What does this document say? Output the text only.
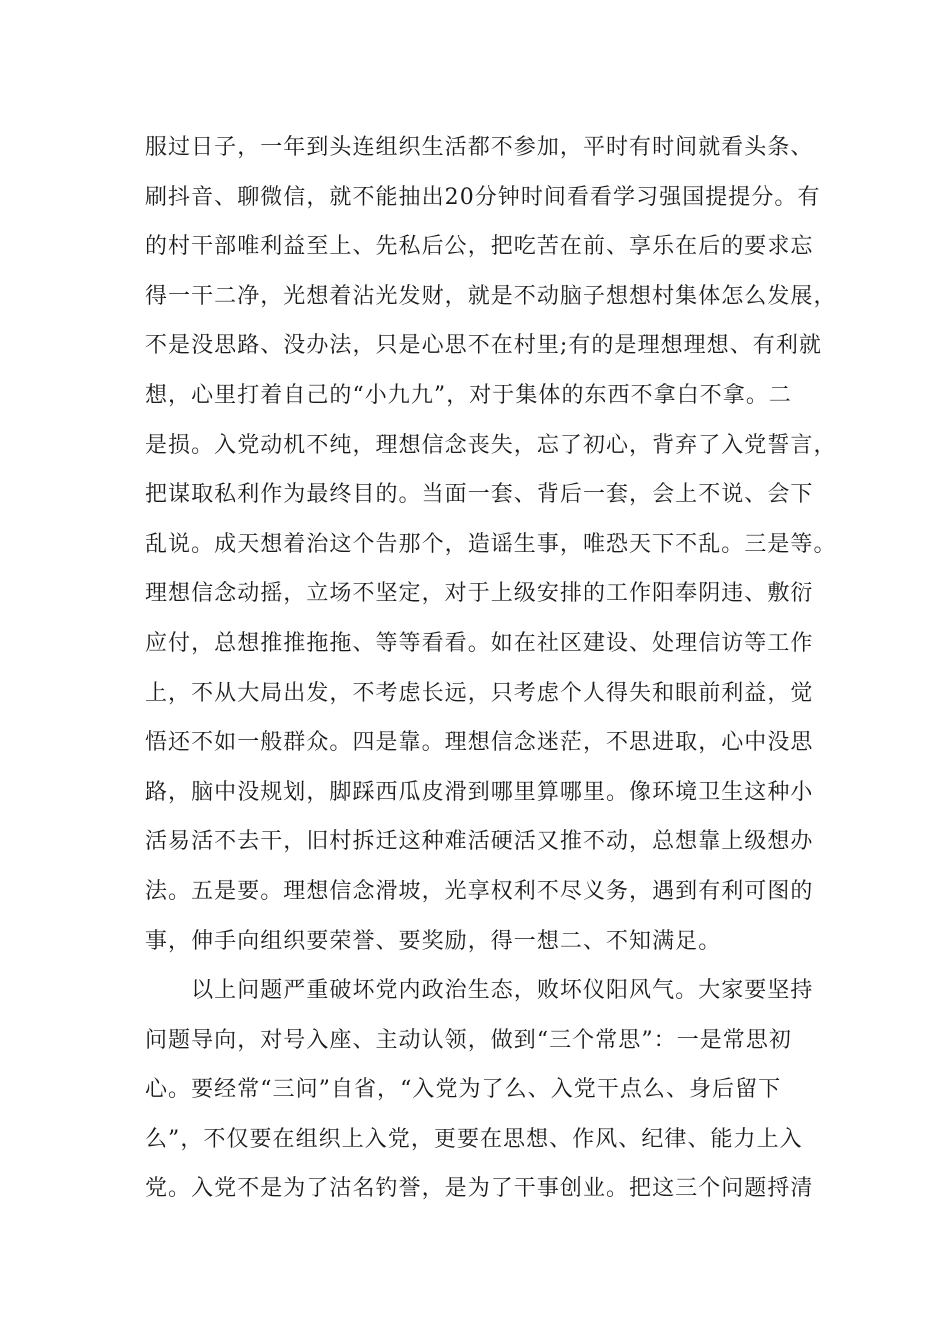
服过日子，一年到头连组织生活都不参加，平时有时间就看头条、
刷抖音、聊微信，就不能抽出20分钟时间看看学习强国提提分。有
的村干部唯利益至上、先私后公，把吃苦在前、享乐在后的要求忘
得一干二净，光想着沾光发财，就是不动脑子想想村集体怎么发展，
不是没思路、没办法，只是心思不在村里;有的是理想理想、有利就
想，心里打着自己的“小九九”，对于集体的东西不拿白不拿。二
是损。入党动机不纯，理想信念丧失，忘了初心，背弃了入党誓言，
把谋取私利作为最终目的。当面一套、背后一套，会上不说、会下
乱说。成天想着治这个告那个，造谣生事，唯恐天下不乱。三是等。
理想信念动摇，立场不坚定，对于上级安排的工作阳奉阴违、敷衍
应付，总想推推拖拖、等等看看。如在社区建设、处理信访等工作
上，不从大局出发，不考虑长远，只考虑个人得失和眼前利益，觉
悟还不如一般群众。四是靠。理想信念迷茫，不思进取，心中没思
路，脑中没规划，脚踩西瓜皮滑到哪里算哪里。像环境卫生这种小
活易活不去干，旧村拆迁这种难活硬活又推不动，总想靠上级想办
法。五是要。理想信念滑坡，光享权利不尽义务，遇到有利可图的
事，伸手向组织要荣誉、要奖励，得一想二、不知满足。
　　以上问题严重破坏党内政治生态，败坏仪阳风气。大家要坚持
问题导向，对号入座、主动认领，做到“三个常思”：一是常思初
心。要经常“三问”自省，“入党为了么、入党干点么、身后留下
么”，不仅要在组织上入党，更要在思想、作风、纪律、能力上入
党。入党不是为了沽名钓誉，是为了干事创业。把这三个问题捋清
